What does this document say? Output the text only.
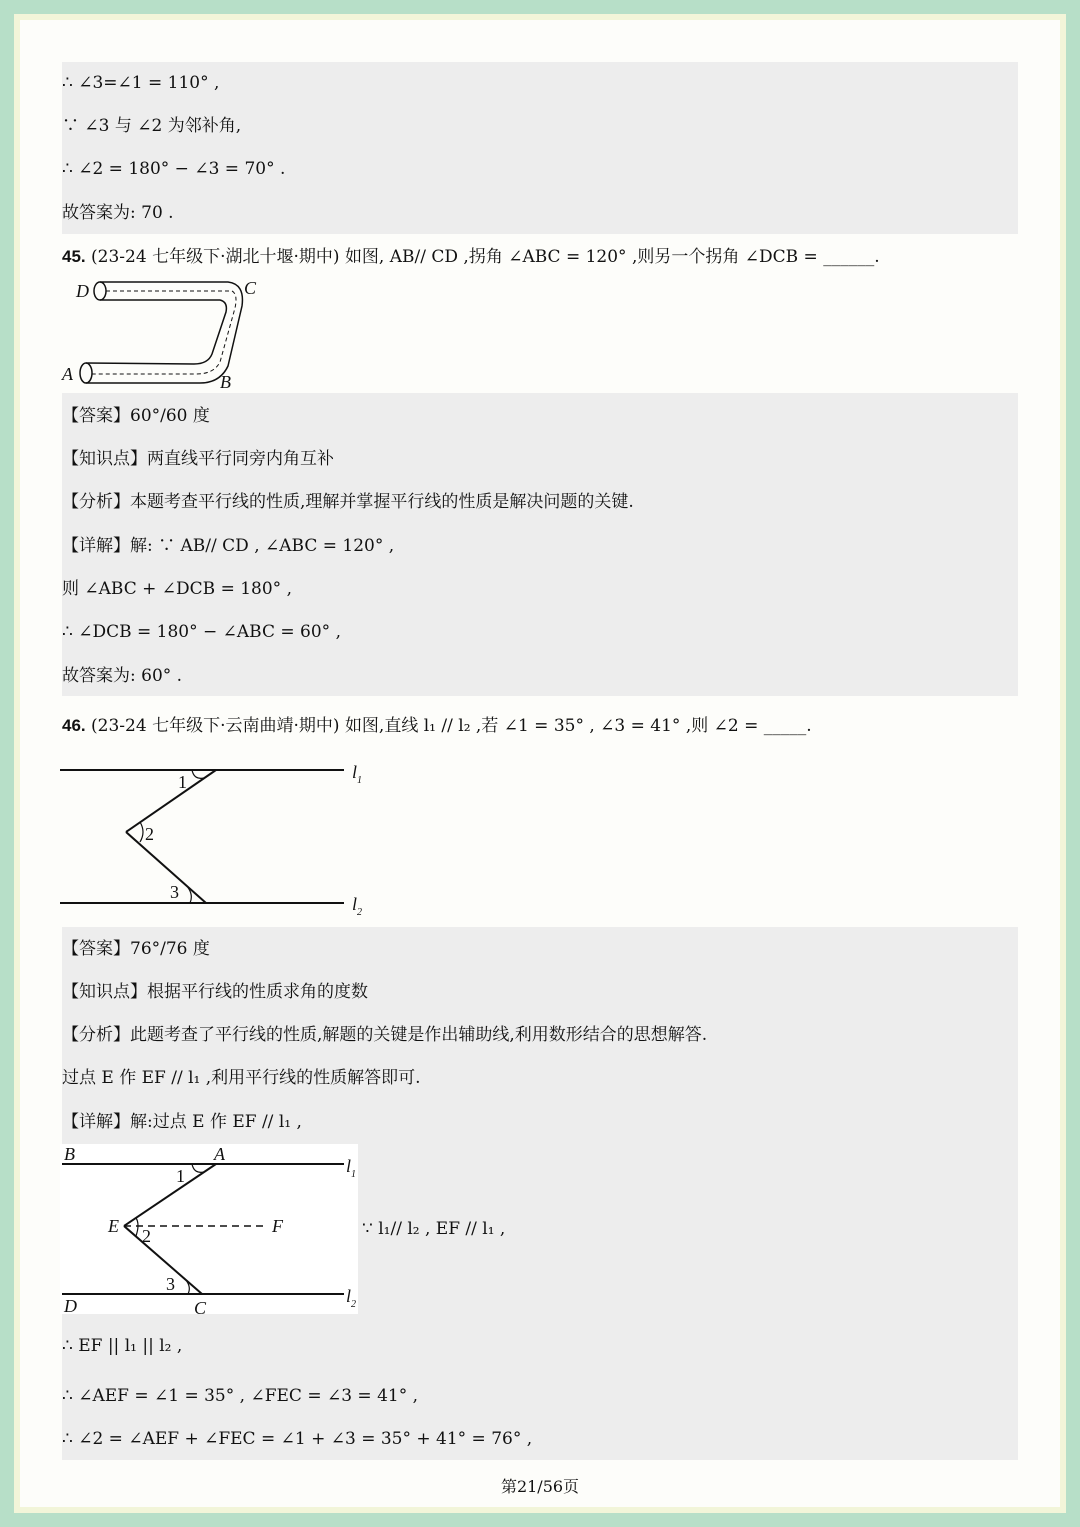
∴ ∠3=∠1 = 110° ,
∵ ∠3 与 ∠2 为邻补角,
∴ ∠2 = 180° − ∠3 = 70° .
故答案为: 70 .
45. (23-24 七年级下·湖北十堰·期中) 如图, AB// CD ,拐角 ∠ABC = 120° ,则另一个拐角 ∠DCB = ______.
D	C
A	B
【答案】60°/60 度
【知识点】两直线平行同旁内角互补
【分析】本题考查平行线的性质,理解并掌握平行线的性质是解决问题的关键.
【详解】解: ∵ AB// CD , ∠ABC = 120° ,
则 ∠ABC + ∠DCB = 180° ,
∴ ∠DCB = 180° − ∠ABC = 60° ,
故答案为: 60° .
46. (23-24 七年级下·云南曲靖·期中) 如图,直线 l₁ // l₂ ,若 ∠1 = 35° , ∠3 = 41° ,则 ∠2 = _____.
1
2
3
$l_1$
$l_2$
【答案】76°/76 度
【知识点】根据平行线的性质求角的度数
【分析】此题考查了平行线的性质,解题的关键是作出辅助线,利用数形结合的思想解答.
过点 E 作 EF // l₁ ,利用平行线的性质解答即可.
【详解】解:过点 E 作 EF // l₁ ,
B	A
E	F
D	C
1
2
3
$l_1$
$l_2$
∵ l₁// l₂ , EF // l₁ ,
∴ EF || l₁ || l₂ ,
∴ ∠AEF = ∠1 = 35° , ∠FEC = ∠3 = 41° ,
∴ ∠2 = ∠AEF + ∠FEC = ∠1 + ∠3 = 35° + 41° = 76° ,
第21/56页
